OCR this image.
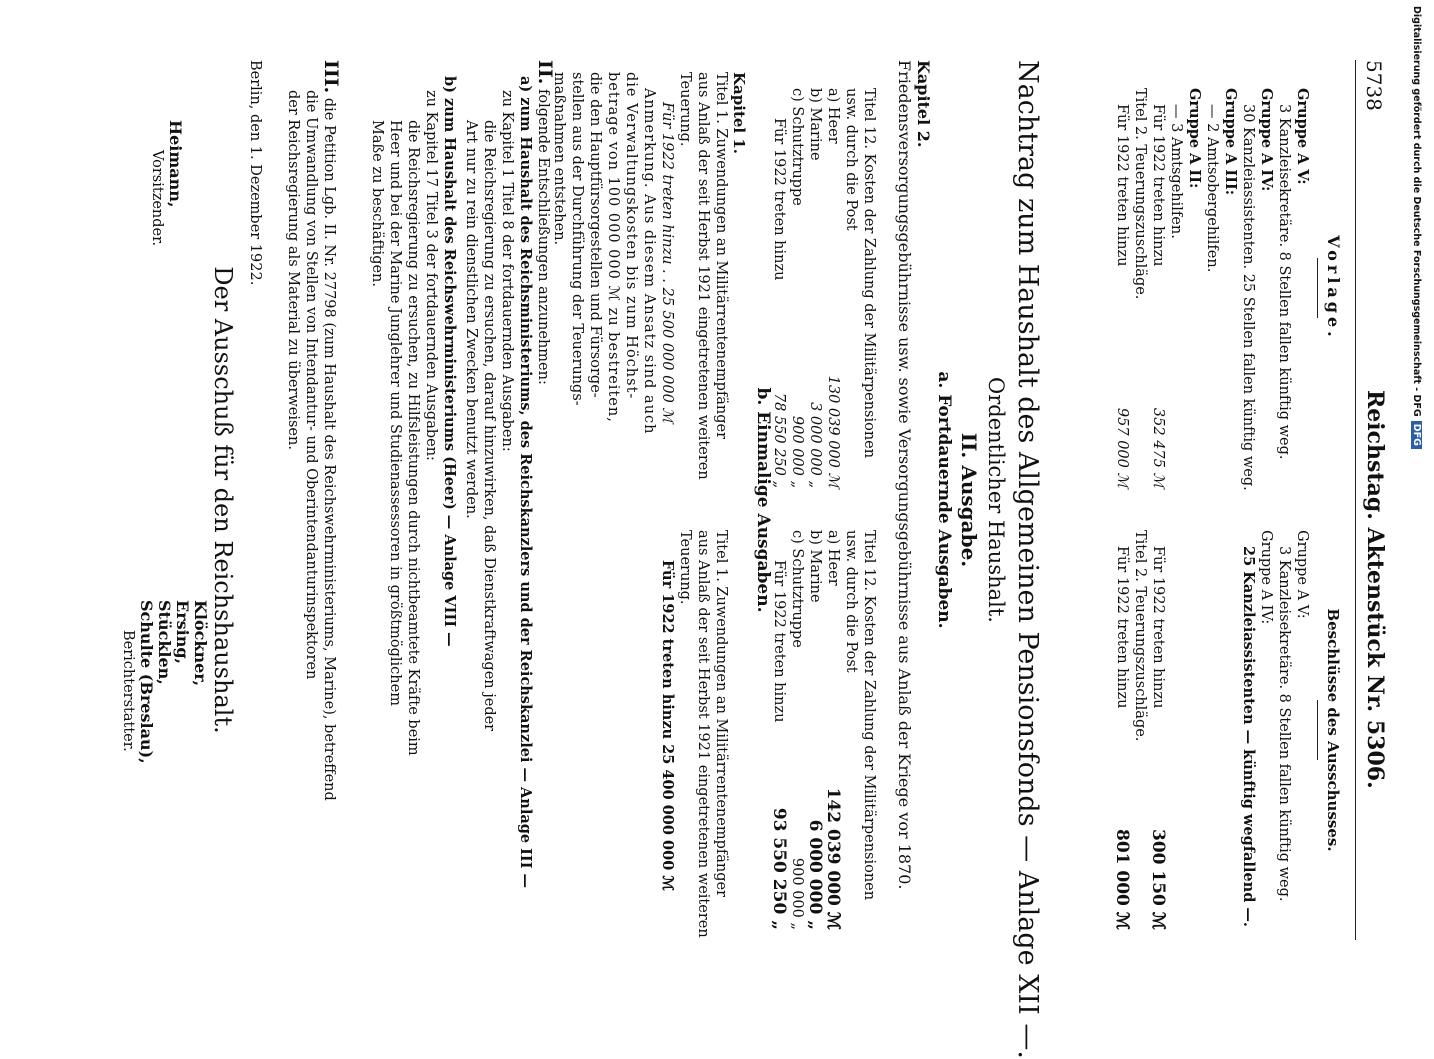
5738
Reichstag. Aktenstück Nr. 5306.
Vorlage.
Gruppe A V:
3 Kanzleisekretäre. 8 Stellen fallen künftig weg.
Gruppe A IV:
30 Kanzleiassistenten. 25 Stellen fallen künftig weg.
Gruppe A III:
— 2 Amtsobergehilfen.
Gruppe A II:
— 3 Amtsgehilfen.
Für 1922 treten hinzu
352 475 ℳ
Titel 2. Teuerungszuschläge.
Für 1922 treten hinzu
957 000 ℳ
Beschlüsse des Ausschusses.
Gruppe A V:
3 Kanzleisekretäre. 8 Stellen fallen künftig weg.
Gruppe A IV:
25 Kanzleiassistenten — künftig wegfallend —.
Für 1922 treten hinzu
300 150 ℳ
Titel 2. Teuerungszuschläge.
Für 1922 treten hinzu
801 000 ℳ
Nachtrag zum Haushalt des Allgemeinen Pensionsfonds — Anlage XII —.
Ordentlicher Haushalt.
II. Ausgabe.
a. Fortdauernde Ausgaben.
Kapitel 2.
Friedensversorgungsgebührnisse usw. sowie Versorgungsgebührnisse aus Anlaß der Kriege vor 1870.
Titel 12. Kosten der Zahlung der Militärpensionen usw. durch die Post
a) Heer
130 039 000 ℳ
b) Marine
3 000 000 „
c) Schutztruppe
900 000 „
Für 1922 treten hinzu
78 550 250 „
Titel 12. Kosten der Zahlung der Militärpensionen usw. durch die Post
a) Heer
142 039 000 ℳ
b) Marine
6 000 000 „
c) Schutztruppe
900 000 „
Für 1922 treten hinzu
93 550 250 „
b. Einmalige Ausgaben.
Kapitel 1.
Titel 1. Zuwendungen an Militärrentenempfänger
aus Anlaß der seit Herbst 1921 eingetretenen weiteren
Teuerung.
Für 1922 treten hinzu . . 25 500 000 000 ℳ
Anmerkung. Aus diesem Ansatz sind auch
die Verwaltungskosten bis zum Höchst-
betrage von 100 000 000 ℳ zu bestreiten,
die den Hauptfürsorgestellen und Fürsorge-
stellen aus der Durchführung der Teuerungs-
maßnahmen entstehen.
Titel 1. Zuwendungen an Militärrentenempfänger
aus Anlaß der seit Herbst 1921 eingetretenen weiteren
Teuerung.
Für 1922 treten hinzu 25 400 000 000 ℳ
II. folgende Entschließungen anzunehmen:
a) zum Haushalt des Reichsministeriums, des Reichskanzlers und der Reichskanzlei — Anlage III —
zu Kapitel 1 Titel 8 der fortdauernden Ausgaben:
die Reichsregierung zu ersuchen, darauf hinzuwirken, daß Dienstkraftwagen jeder
Art nur zu rein dienstlichen Zwecken benutzt werden.
b) zum Haushalt des Reichswehrministeriums (Heer) — Anlage VIII —
zu Kapitel 17 Titel 3 der fortdauernden Ausgaben:
die Reichsregierung zu ersuchen, zu Hilfsleistungen durch nichtbeamtete Kräfte beim
Heer und bei der Marine Junglehrer und Studienassessoren in größtmöglichem
Maße zu beschäftigen.
III. die Petition Lgb. II. Nr. 27798 (zum Haushalt des Reichswehrministeriums, Marine), betreffend
die Umwandlung von Stellen von Intendantur- und Oberintendanturinspektoren
der Reichsregierung als Material zu überweisen.
Berlin, den 1. Dezember 1922.
Der Ausschuß für den Reichshaushalt.
Heimann,
Vorsitzender.
Klöckner,
Ersing,
Stücklen,
Schulte (Breslau),
Berichterstatter.
Digitalisierung gefördert durch die Deutsche Forschungsgemeinschaft - DFGDFG
